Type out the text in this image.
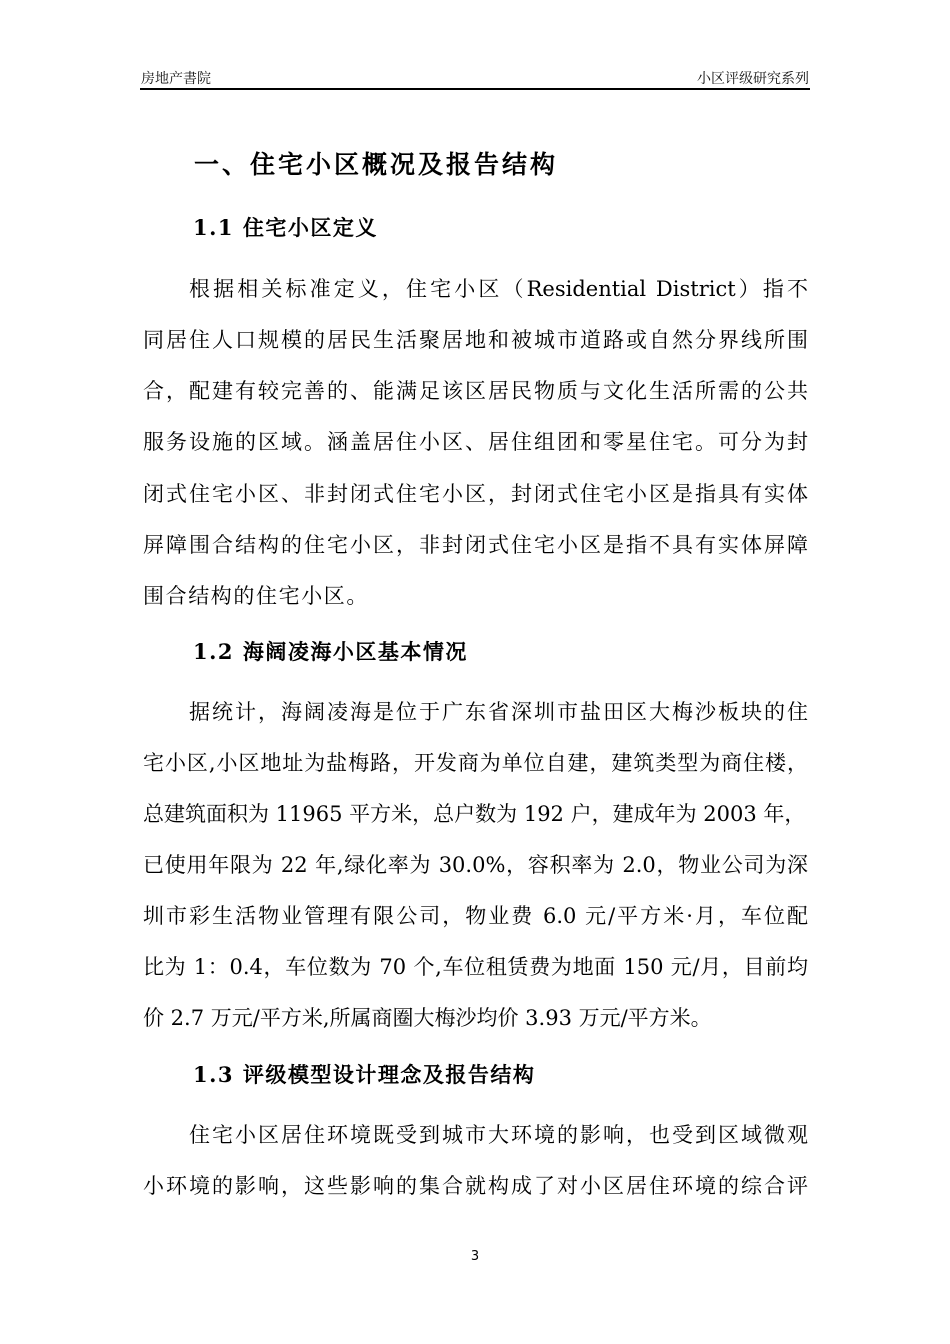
房地产書院	小区评级研究系列
一、住宅小区概况及报告结构
1.1 住宅小区定义
根据相关标准定义，住宅小区（Residential District）指不
同居住人口规模的居民生活聚居地和被城市道路或自然分界线所围
合，配建有较完善的、能满足该区居民物质与文化生活所需的公共
服务设施的区域。涵盖居住小区、居住组团和零星住宅。可分为封
闭式住宅小区、非封闭式住宅小区，封闭式住宅小区是指具有实体
屏障围合结构的住宅小区，非封闭式住宅小区是指不具有实体屏障
围合结构的住宅小区。
1.2 海阔凌海小区基本情况
据统计，海阔凌海是位于广东省深圳市盐田区大梅沙板块的住
宅小区,小区地址为盐梅路，开发商为单位自建，建筑类型为商住楼，
总建筑面积为 11965 平方米，总户数为 192 户，建成年为 2003 年，
已使用年限为 22 年,绿化率为 30.0%，容积率为 2.0，物业公司为深
圳市彩生活物业管理有限公司，物业费 6.0 元/平方米·月，车位配
比为 1：0.4，车位数为 70 个,车位租赁费为地面 150 元/月，目前均
价 2.7 万元/平方米,所属商圈大梅沙均价 3.93 万元/平方米。
1.3 评级模型设计理念及报告结构
住宅小区居住环境既受到城市大环境的影响，也受到区域微观
小环境的影响，这些影响的集合就构成了对小区居住环境的综合评
3
